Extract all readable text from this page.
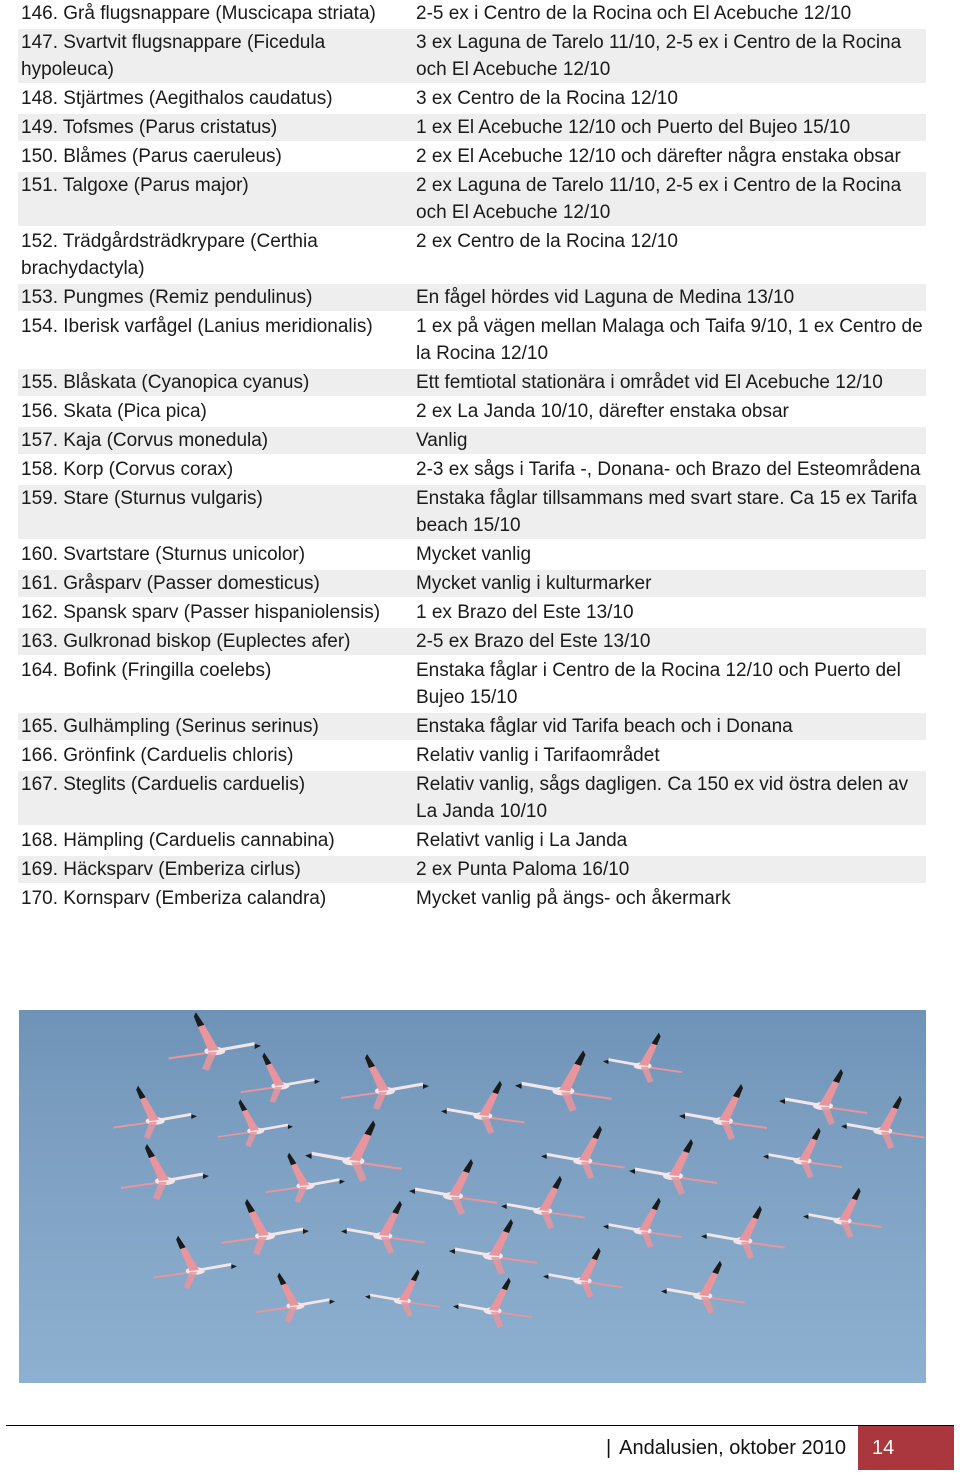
146. Grå flugsnappare (Muscicapa striata)	2-5 ex i Centro de la Rocina och El Acebuche 12/10
147. Svartvit flugsnappare (Ficedula hypoleuca)	3 ex Laguna de Tarelo 11/10, 2-5 ex i Centro de la Rocina och El Acebuche 12/10
148. Stjärtmes (Aegithalos caudatus)	3 ex Centro de la Rocina 12/10
149. Tofsmes (Parus cristatus)	1 ex El Acebuche 12/10 och Puerto del Bujeo 15/10
150. Blåmes (Parus caeruleus)	2 ex El Acebuche 12/10 och därefter några enstaka obsar
151. Talgoxe (Parus major)	2 ex Laguna de Tarelo 11/10, 2-5 ex i Centro de la Rocina och El Acebuche 12/10
152. Trädgårdsträdkrypare (Certhia brachydactyla)	2 ex Centro de la Rocina 12/10
153. Pungmes (Remiz pendulinus)	En fågel hördes vid Laguna de Medina 13/10
154. Iberisk varfågel (Lanius meridionalis)	1 ex på vägen mellan Malaga och Taifa 9/10, 1 ex Centro de la Rocina 12/10
155. Blåskata (Cyanopica cyanus)	Ett femtiotal stationära i området vid El Acebuche 12/10
156. Skata (Pica pica)	2 ex La Janda 10/10, därefter enstaka obsar
157. Kaja (Corvus monedula)	Vanlig
158. Korp (Corvus corax)	2-3 ex sågs i Tarifa -, Donana- och Brazo del Esteområdena
159. Stare (Sturnus vulgaris)	Enstaka fåglar tillsammans med svart stare. Ca 15 ex Tarifa beach 15/10
160. Svartstare (Sturnus unicolor)	Mycket vanlig
161. Gråsparv (Passer domesticus)	Mycket vanlig i kulturmarker
162. Spansk sparv (Passer hispaniolensis)	1 ex Brazo del Este 13/10
163. Gulkronad biskop (Euplectes afer)	2-5 ex Brazo del Este 13/10
164. Bofink (Fringilla coelebs)	Enstaka fåglar i Centro de la Rocina 12/10 och Puerto del Bujeo 15/10
165. Gulhämpling (Serinus serinus)	Enstaka fåglar vid Tarifa beach och i Donana
166. Grönfink (Carduelis chloris)	Relativ vanlig i Tarifaområdet
167. Steglits (Carduelis carduelis)	Relativ vanlig, sågs dagligen. Ca 150 ex vid östra delen av La Janda 10/10
168. Hämpling (Carduelis cannabina)	Relativt vanlig i La Janda
169. Häcksparv (Emberiza cirlus)	2 ex Punta Paloma 16/10
170. Kornsparv (Emberiza calandra)	Mycket vanlig på ängs- och åkermark
| Andalusien, oktober 2010 14
